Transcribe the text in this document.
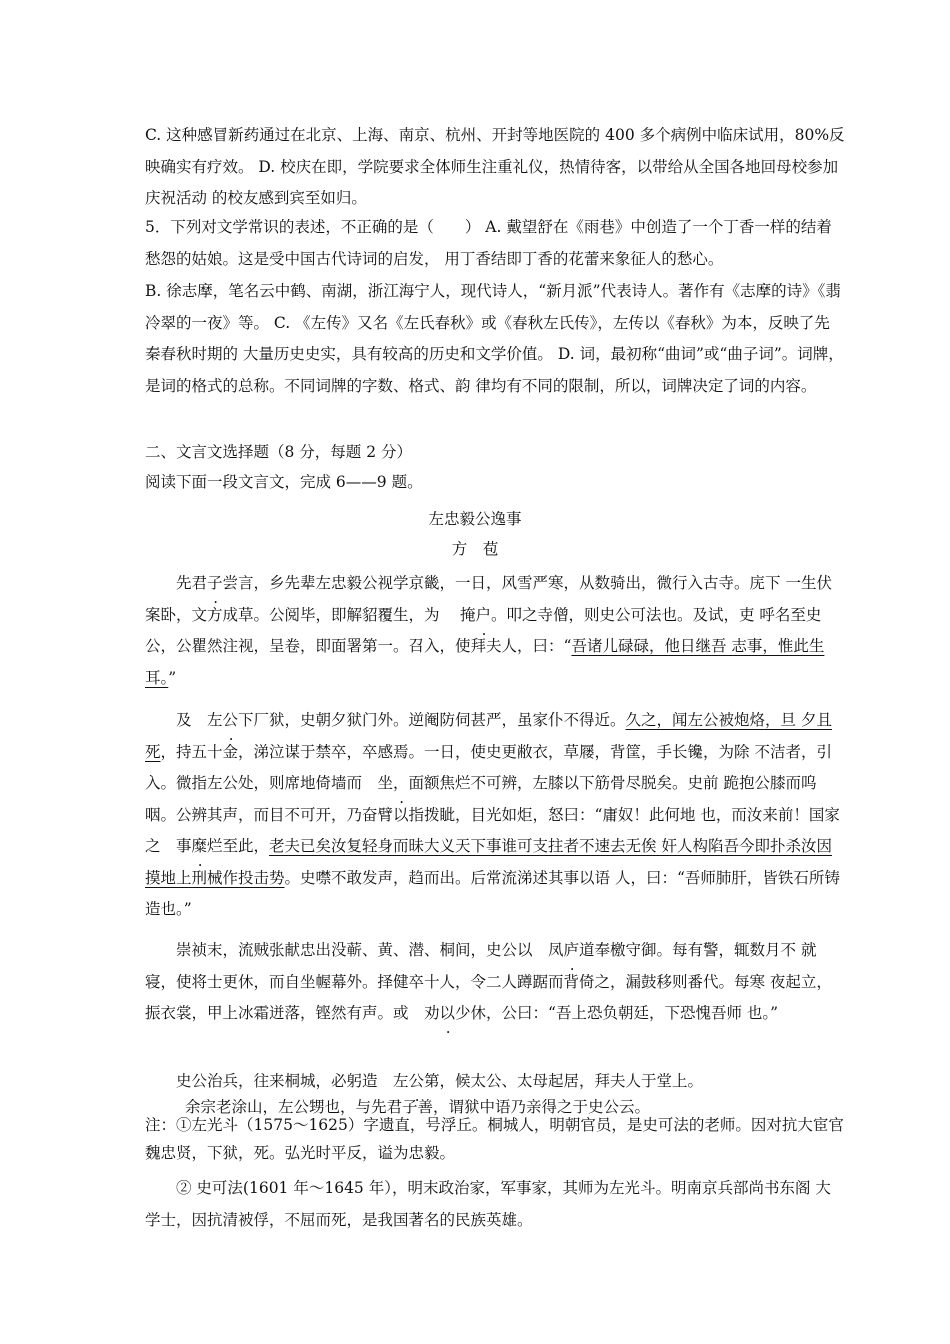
C. 这种感冒新药通过在北京、上海、南京、杭州、开封等地医院的 400 多个病例中临床试用，80%反映确实有疗效。 D. 校庆在即，学院要求全体师生注重礼仪，热情待客，以带给从全国各地回母校参加庆祝活动 的校友感到宾至如归。

5．下列对文学常识的表述，不正确的是（　　） A. 戴望舒在《雨巷》中创造了一个丁香一样的结着愁怨的姑娘。这是受中国古代诗词的启发， 用丁香结即丁香的花蕾来象征人的愁心。

B. 徐志摩，笔名云中鹤、南湖，浙江海宁人，现代诗人，“新月派”代表诗人。著作有《志摩的诗》《翡冷翠的一夜》等。 C. 《左传》又名《左氏春秋》或《春秋左氏传》，左传以《春秋》为本，反映了先秦春秋时期的 大量历史史实，具有较高的历史和文学价值。 D. 词，最初称“曲词”或“曲子词”。词牌，是词的格式的总称。不同词牌的字数、格式、韵 律均有不同的限制，所以，词牌决定了词的内容。

二、文言文选择题（8 分，每题 2 分）

阅读下面一段文言文，完成 6——9 题。

左忠毅公逸事
方　苞

先 .君子尝言，乡先辈左忠毅公视学京畿，一日，风雪严寒，从数骑出，微行入古寺。庑下 一生伏案卧，文方成草。公阅毕，即解貂覆生，为 　 . 掩户。叩之寺僧，则史公可法也。及试，吏 呼名至史公，公瞿然注视，呈卷，即面署第一。召入，使拜夫人，曰：“吾诸儿碌碌，他日继吾 志事，惟此生耳。”

及　 . 左公下厂狱，史朝夕狱门外。逆阉防伺甚严，虽家仆不得近。久之，闻左公被炮烙，旦 夕且死，持五十金，涕泣谋于禁卒，卒感焉。一日，使史更敝衣，草屦，背筐，手长镵，为除 不洁者，引入。微指左公处，则席地倚墙而　 . 坐，面额焦烂不可辨，左膝以下筋骨尽脱矣。史前 跪抱公膝而呜咽。公辨其声，而目不可开，乃奋臂以指拨眦，目光如炬，怒曰：“庸奴！此何地 也，而汝来前！国家之　 . 事糜烂至此，老夫已矣汝复轻身而昧大义天下事谁可支拄者不速去无俟 奸人构陷吾今即扑杀汝因摸地上刑械作投击势。史噤不敢发声，趋而出。后常流涕述其事以语 人，曰：“吾师肺肝，皆铁石所铸造也。”

崇祯末，流贼张献忠出没蕲、黄、潜、桐间，史公以　 . 凤庐道奉檄守御。每有警，辄数月不 就寝，使将士更休，而自坐幄幕外。择健卒十人，令二人蹲踞而背倚之，漏鼓移则番代。每寒 夜起立，振衣裳，甲上冰霜迸落，铿然有声。或　 . 劝以少休，公曰：“吾上恐负朝廷，下恐愧吾师 也。”

史公治兵，往来桐城，必躬造　 . 左公第，候太公、太母起居，拜夫人于堂上。

余宗老涂山，左公甥也，与先君子善，谓狱中语乃亲得之于史公云。

注：①左光斗（1575～1625）字遗直，号浮丘。桐城人，明朝官员，是史可法的老师。因对抗大宦官魏忠贤，下狱，死。弘光时平反，谥为忠毅。

② 史可法(1601 年～1645 年），明末政治家，军事家，其师为左光斗。明南京兵部尚书东阁 大学士，因抗清被俘，不屈而死，是我国著名的民族英雄。
